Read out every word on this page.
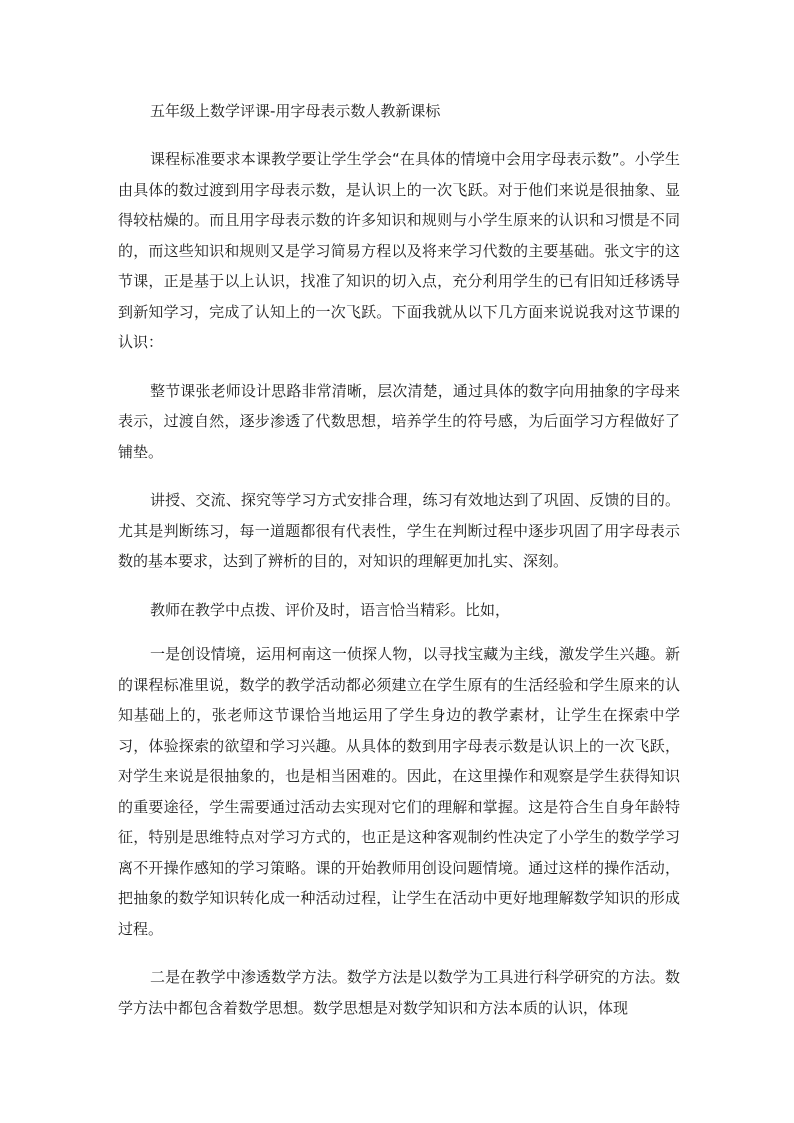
五年级上数学评课-用字母表示数人教新课标

课程标准要求本课教学要让学生学会“在具体的情境中会用字母表示数”。小学生由具体的数过渡到用字母表示数，是认识上的一次飞跃。对于他们来说是很抽象、显得较枯燥的。而且用字母表示数的许多知识和规则与小学生原来的认识和习惯是不同的，而这些知识和规则又是学习简易方程以及将来学习代数的主要基础。张文宇的这节课，正是基于以上认识，找准了知识的切入点，充分利用学生的已有旧知迁移诱导到新知学习，完成了认知上的一次飞跃。下面我就从以下几方面来说说我对这节课的认识：

整节课张老师设计思路非常清晰，层次清楚，通过具体的数字向用抽象的字母来表示，过渡自然，逐步渗透了代数思想，培养学生的符号感，为后面学习方程做好了铺垫。

讲授、交流、探究等学习方式安排合理，练习有效地达到了巩固、反馈的目的。尤其是判断练习，每一道题都很有代表性，学生在判断过程中逐步巩固了用字母表示数的基本要求，达到了辨析的目的，对知识的理解更加扎实、深刻。

教师在教学中点拨、评价及时，语言恰当精彩。比如，

一是创设情境，运用柯南这一侦探人物，以寻找宝藏为主线，激发学生兴趣。新的课程标准里说，数学的教学活动都必须建立在学生原有的生活经验和学生原来的认知基础上的，张老师这节课恰当地运用了学生身边的教学素材，让学生在探索中学习，体验探索的欲望和学习兴趣。从具体的数到用字母表示数是认识上的一次飞跃，对学生来说是很抽象的，也是相当困难的。因此，在这里操作和观察是学生获得知识的重要途径，学生需要通过活动去实现对它们的理解和掌握。这是符合生自身年龄特征，特别是思维特点对学习方式的，也正是这种客观制约性决定了小学生的数学学习离不开操作感知的学习策略。课的开始教师用创设问题情境。通过这样的操作活动，把抽象的数学知识转化成一种活动过程，让学生在活动中更好地理解数学知识的形成过程。

二是在教学中渗透数学方法。数学方法是以数学为工具进行科学研究的方法。数学方法中都包含着数学思想。数学思想是对数学知识和方法本质的认识，体现
